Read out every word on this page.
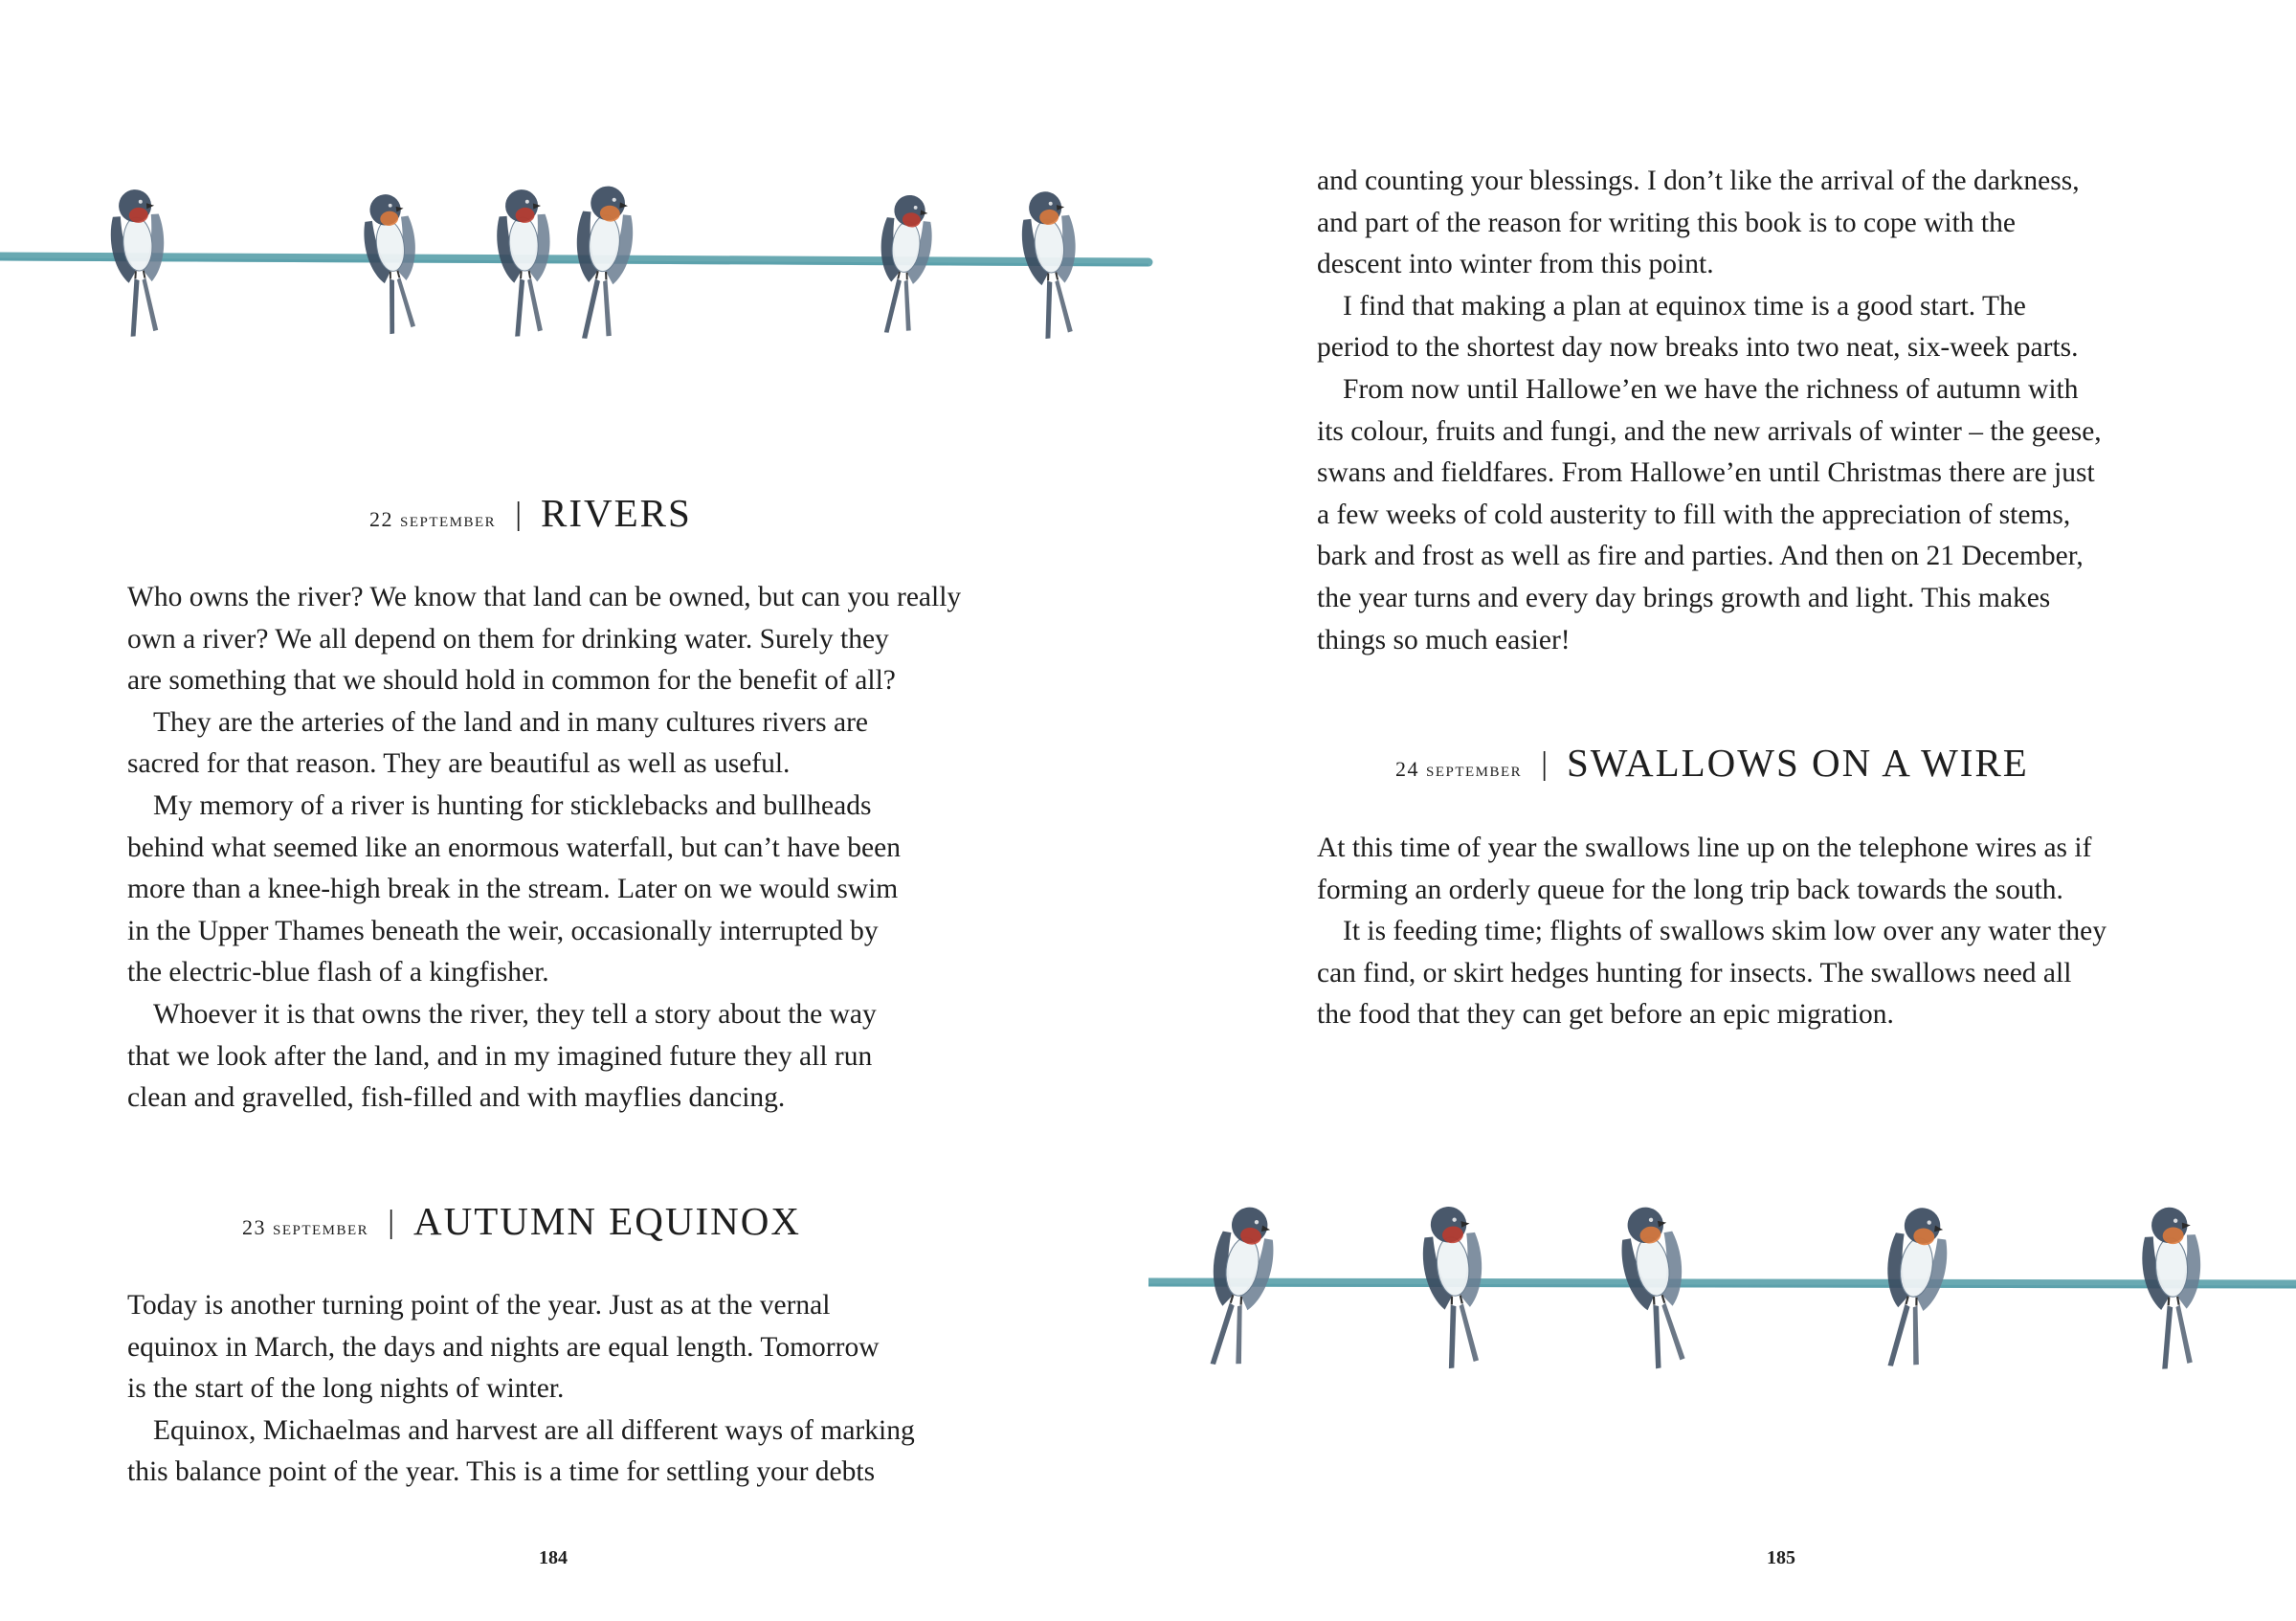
22 september | RIVERS
Who owns the river? We know that land can be owned, but can you really
own a river? We all depend on them for drinking water. Surely they
are something that we should hold in common for the benefit of all?
They are the arteries of the land and in many cultures rivers are
sacred for that reason. They are beautiful as well as useful.
My memory of a river is hunting for sticklebacks and bullheads
behind what seemed like an enormous waterfall, but can’t have been
more than a knee-high break in the stream. Later on we would swim
in the Upper Thames beneath the weir, occasionally interrupted by
the electric-blue flash of a kingfisher.
Whoever it is that owns the river, they tell a story about the way
that we look after the land, and in my imagined future they all run
clean and gravelled, fish-filled and with mayflies dancing.
23 september | AUTUMN EQUINOX
Today is another turning point of the year. Just as at the vernal
equinox in March, the days and nights are equal length. Tomorrow
is the start of the long nights of winter.
Equinox, Michaelmas and harvest are all different ways of marking
this balance point of the year. This is a time for settling your debts
184
and counting your blessings. I don’t like the arrival of the darkness,
and part of the reason for writing this book is to cope with the
descent into winter from this point.
I find that making a plan at equinox time is a good start. The
period to the shortest day now breaks into two neat, six-week parts.
From now until Hallowe’en we have the richness of autumn with
its colour, fruits and fungi, and the new arrivals of winter – the geese,
swans and fieldfares. From Hallowe’en until Christmas there are just
a few weeks of cold austerity to fill with the appreciation of stems,
bark and frost as well as fire and parties. And then on 21 December,
the year turns and every day brings growth and light. This makes
things so much easier!
24 september | SWALLOWS ON A WIRE
At this time of year the swallows line up on the telephone wires as if
forming an orderly queue for the long trip back towards the south.
It is feeding time; flights of swallows skim low over any water they
can find, or skirt hedges hunting for insects. The swallows need all
the food that they can get before an epic migration.
185
